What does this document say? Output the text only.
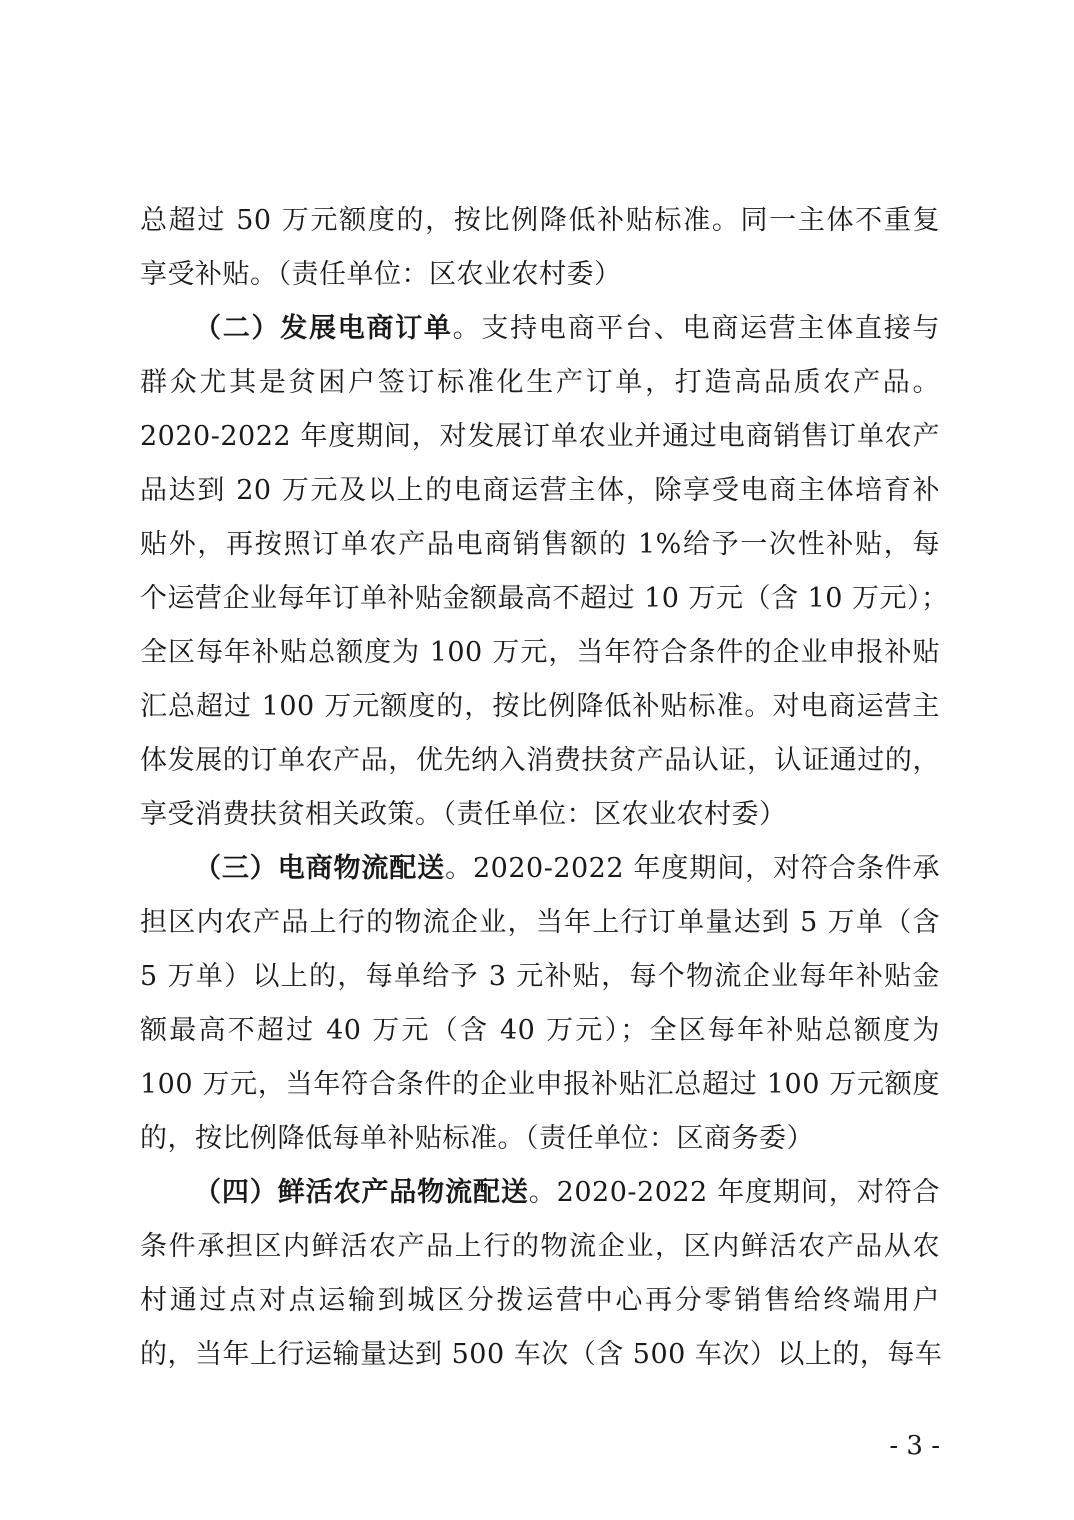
总超过 50 万元额度的，按比例降低补贴标准。同一主体不重复
享受补贴。（责任单位：区农业农村委）
（二）发展电商订单。支持电商平台、电商运营主体直接与
群众尤其是贫困户签订标准化生产订单，打造高品质农产品。
2020-2022 年度期间，对发展订单农业并通过电商销售订单农产
品达到 20 万元及以上的电商运营主体，除享受电商主体培育补
贴外，再按照订单农产品电商销售额的 1%给予一次性补贴，每
个运营企业每年订单补贴金额最高不超过 10 万元（含 10 万元）；
全区每年补贴总额度为 100 万元，当年符合条件的企业申报补贴
汇总超过 100 万元额度的，按比例降低补贴标准。对电商运营主
体发展的订单农产品，优先纳入消费扶贫产品认证，认证通过的，
享受消费扶贫相关政策。（责任单位：区农业农村委）
（三）电商物流配送。2020-2022 年度期间，对符合条件承
担区内农产品上行的物流企业，当年上行订单量达到 5 万单（含
5 万单）以上的，每单给予 3 元补贴，每个物流企业每年补贴金
额最高不超过 40 万元（含 40 万元）；全区每年补贴总额度为
100 万元，当年符合条件的企业申报补贴汇总超过 100 万元额度
的，按比例降低每单补贴标准。（责任单位：区商务委）
（四）鲜活农产品物流配送。2020-2022 年度期间，对符合
条件承担区内鲜活农产品上行的物流企业，区内鲜活农产品从农
村通过点对点运输到城区分拨运营中心再分零销售给终端用户
的，当年上行运输量达到 500 车次（含 500 车次）以上的，每车
- 3 -
